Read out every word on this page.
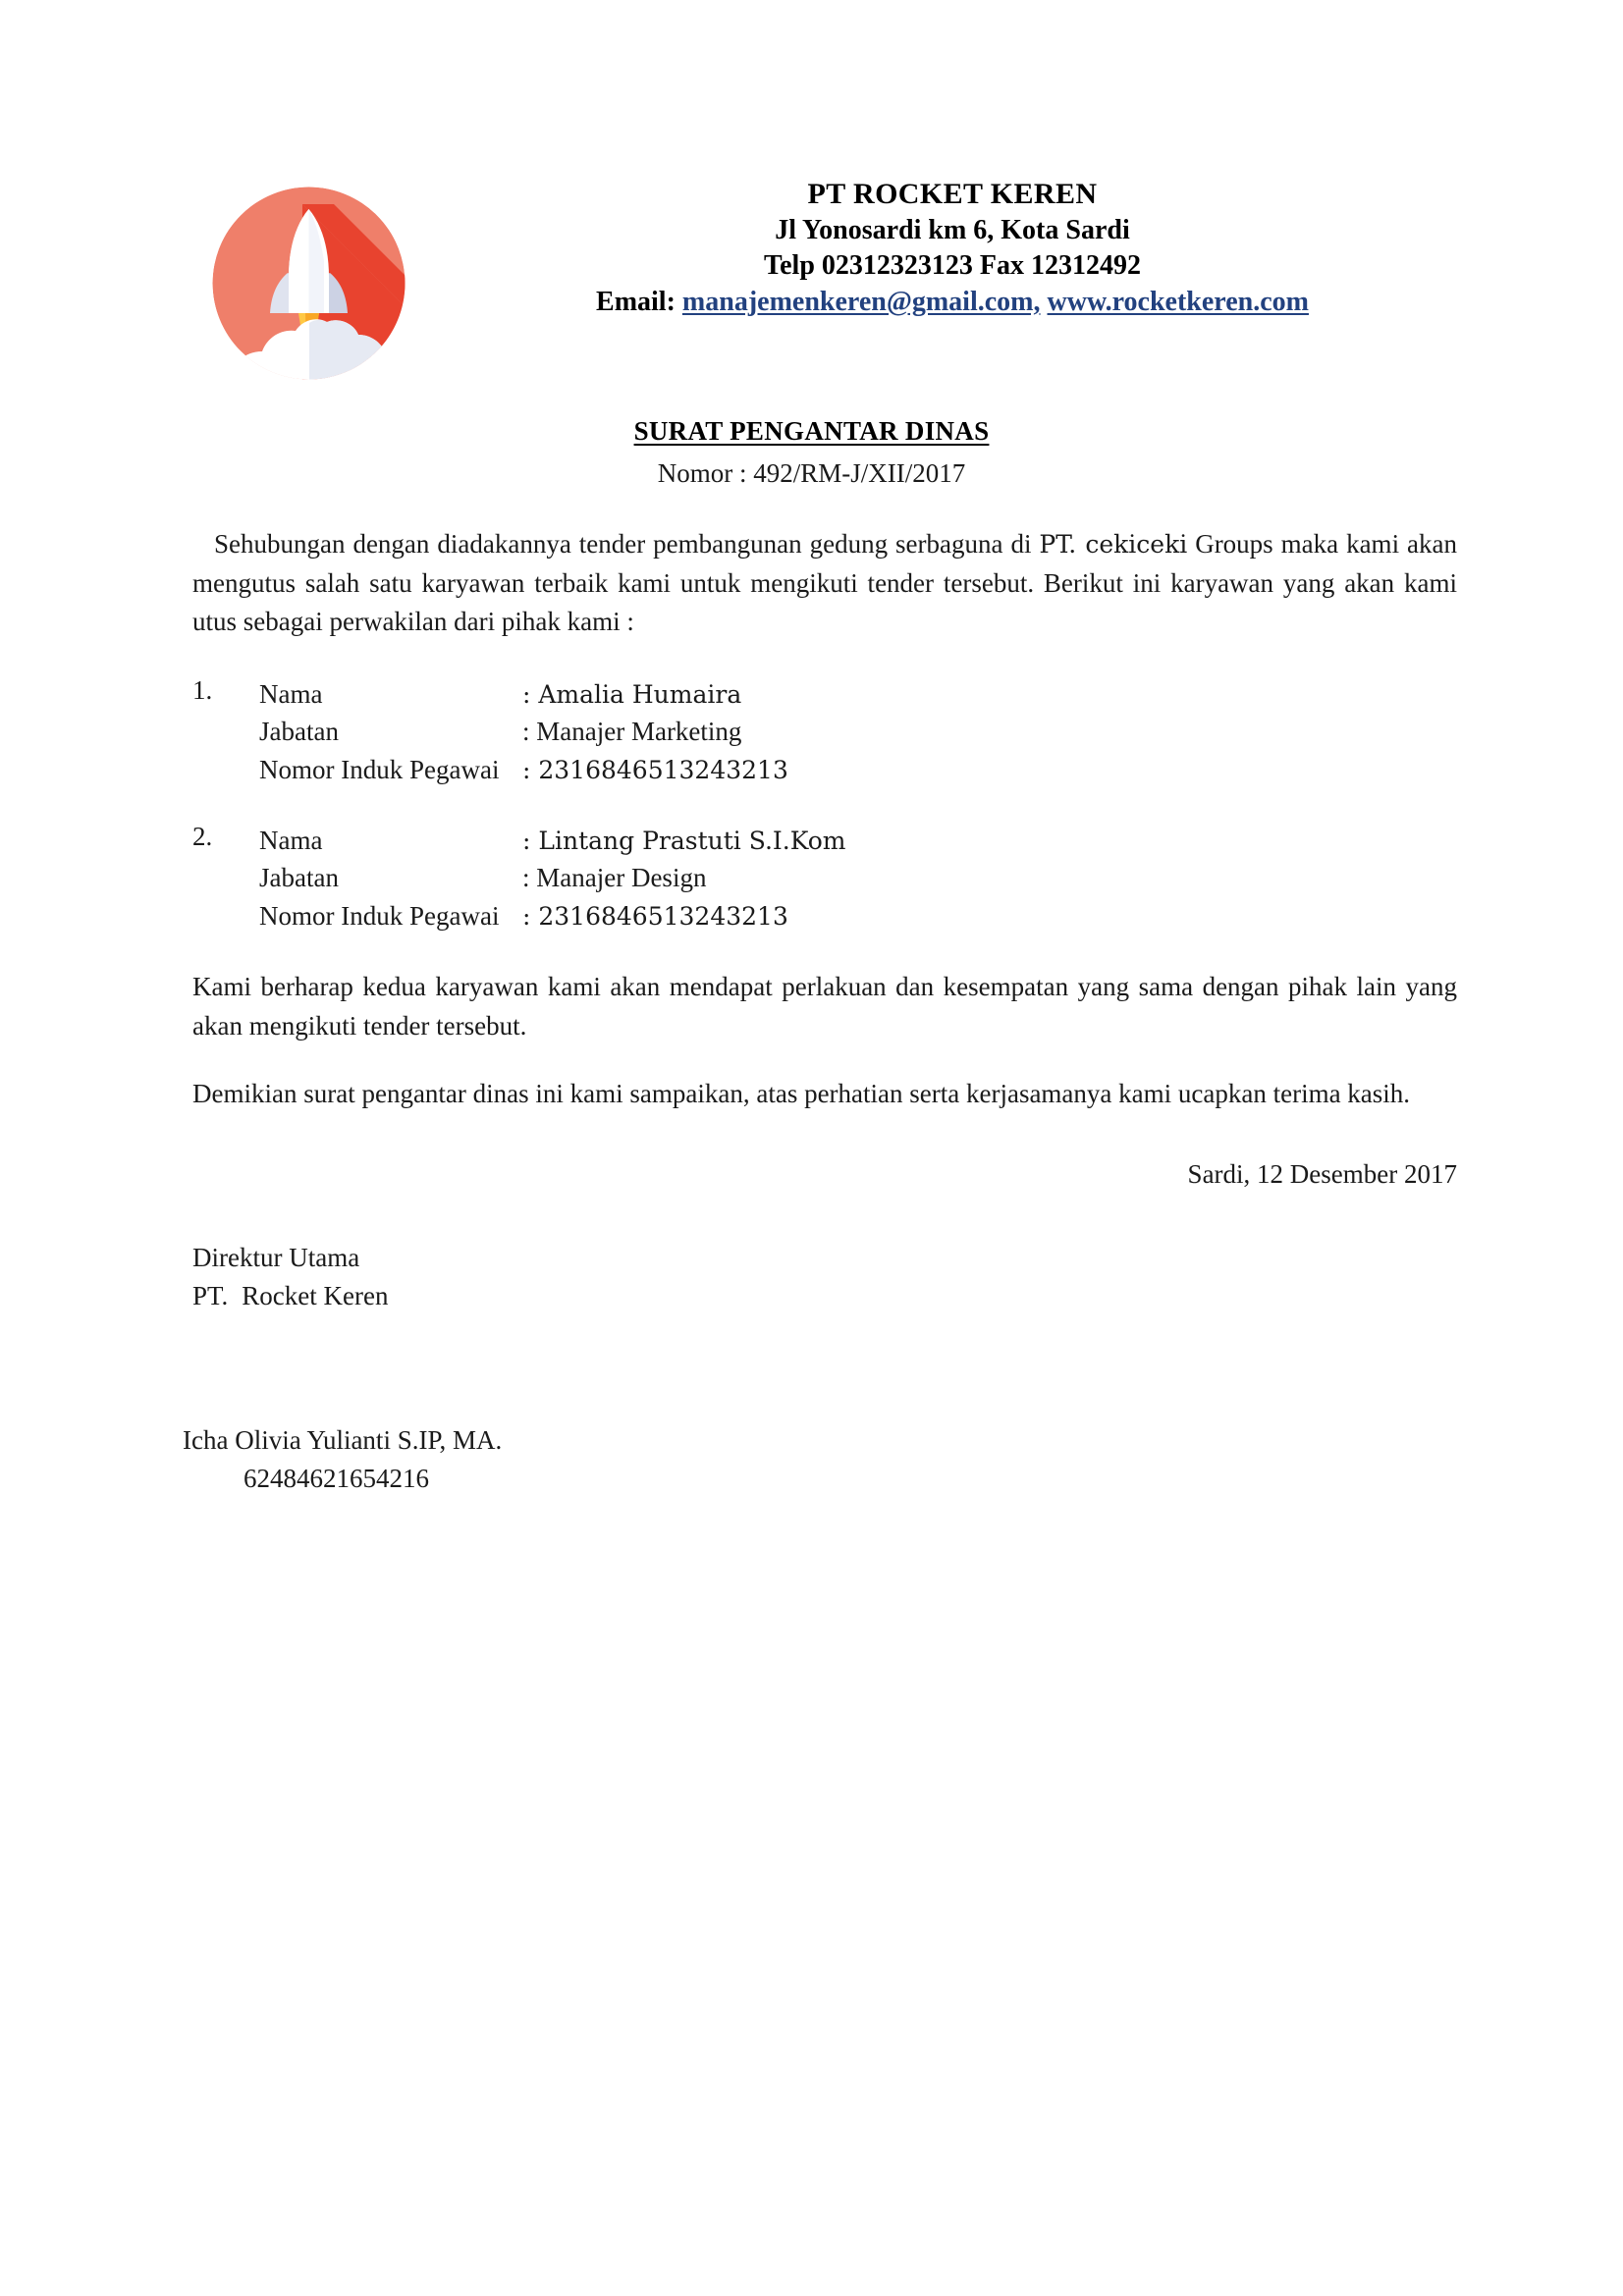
PT ROCKET KEREN
Jl Yonosardi km 6, Kota Sardi
Telp 02312323123 Fax 12312492
Email: manajemenkeren@gmail.com, www.rocketkeren.com
SURAT PENGANTAR DINAS
Nomor : 492/RM-J/XII/2017

Sehubungan dengan diadakannya tender pembangunan gedung serbaguna di PT. cekiceki Groups maka kami akan mengutus salah satu karyawan terbaik kami untuk mengikuti tender tersebut. Berikut ini karyawan yang akan kami utus sebagai perwakilan dari pihak kami :

1.	Nama	: Amalia Humaira
Jabatan	: Manajer Marketing
Nomor Induk Pegawai : 2316846513243213
2.	Nama	: Lintang Prastuti S.I.Kom
Jabatan	: Manajer Design
Nomor Induk Pegawai : 2316846513243213

Kami berharap kedua karyawan kami akan mendapat perlakuan dan kesempatan yang sama dengan pihak lain yang akan mengikuti tender tersebut.

Demikian surat pengantar dinas ini kami sampaikan, atas perhatian serta kerjasamanya kami ucapkan terima kasih.

Sardi, 12 Desember 2017
Direktur Utama
PT. Rocket Keren
Icha Olivia Yulianti S.IP, MA.
62484621654216
